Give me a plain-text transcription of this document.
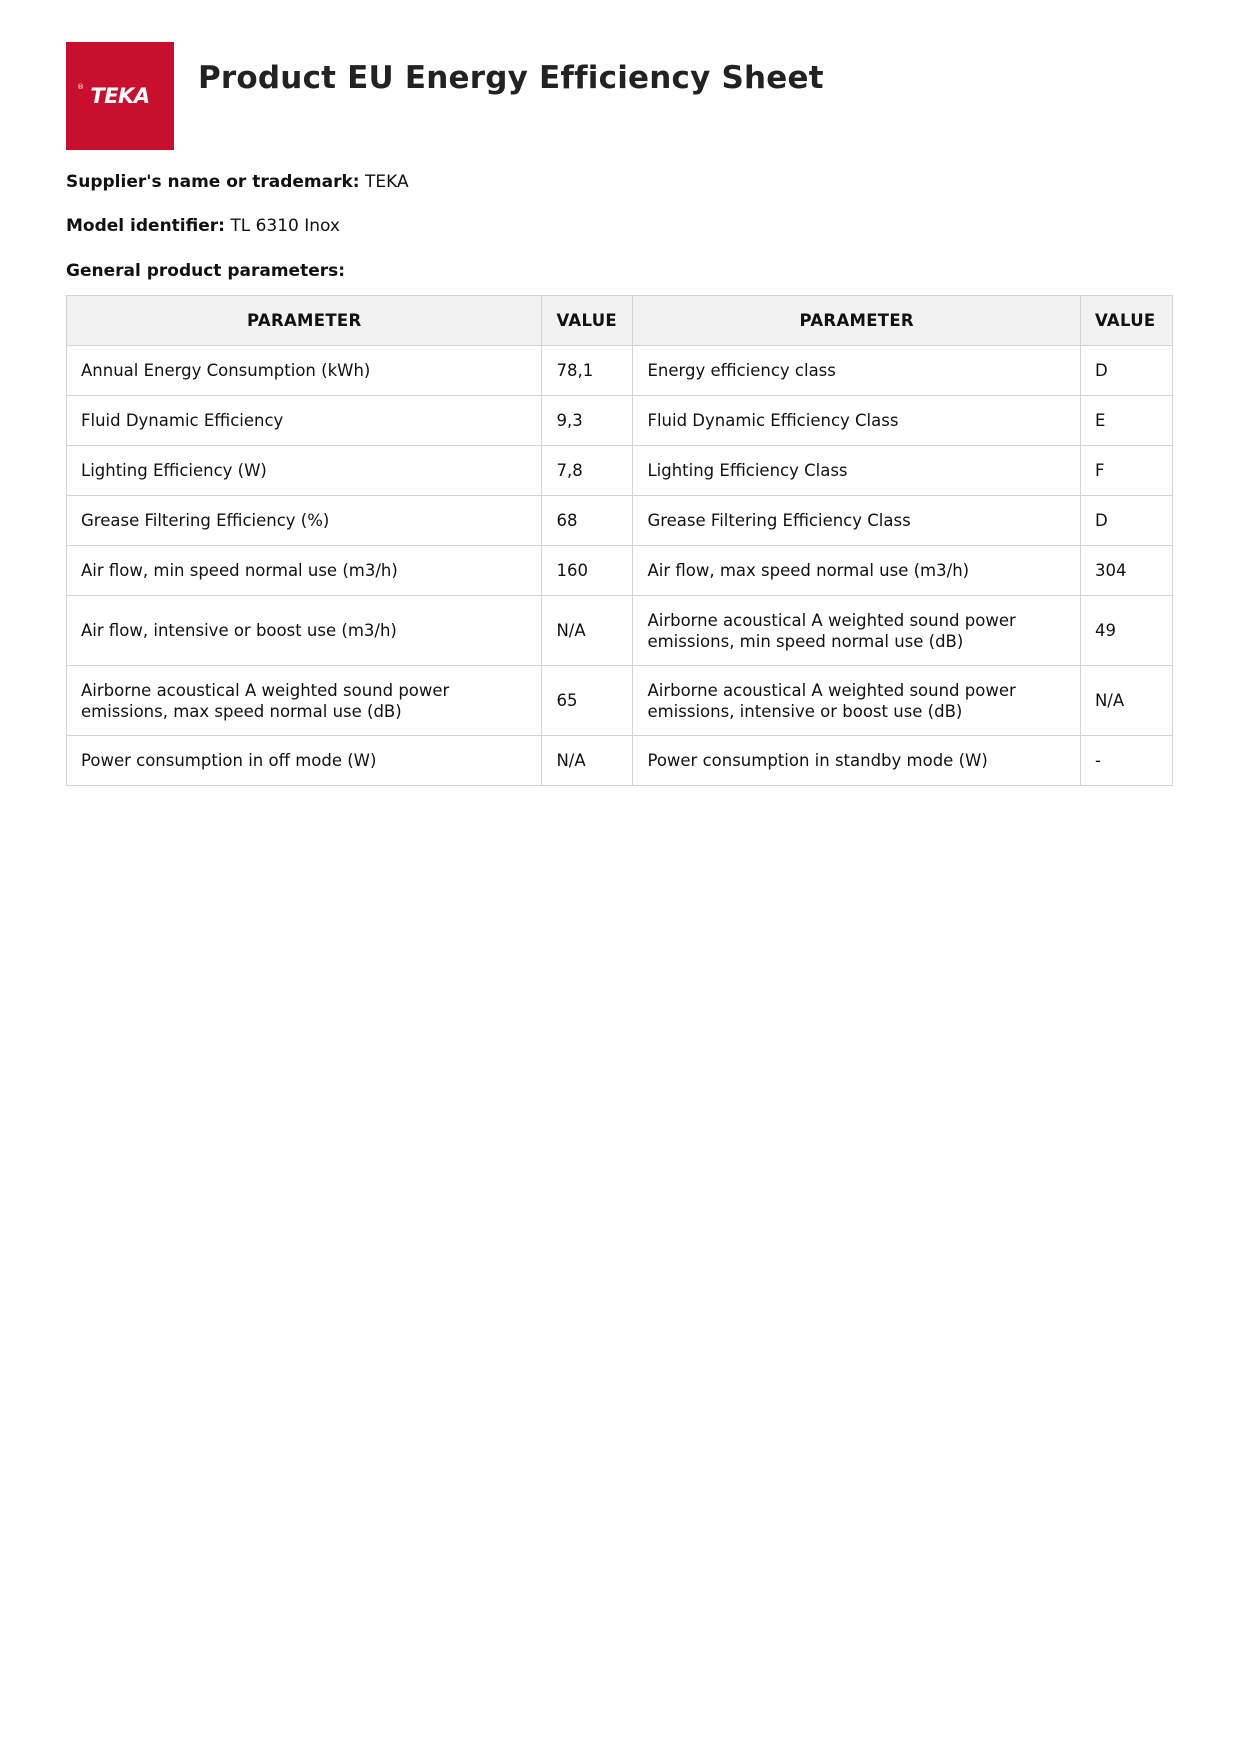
® TEKA Product EU Energy Efficiency Sheet
Supplier's name or trademark: TEKA
Model identifier: TL 6310 Inox
General product parameters:
PARAMETER	VALUE	PARAMETER	VALUE
Annual Energy Consumption (kWh)	78,1	Energy efficiency class	D
Fluid Dynamic Efficiency	9,3	Fluid Dynamic Efficiency Class	E
Lighting Efficiency (W)	7,8	Lighting Efficiency Class	F
Grease Filtering Efficiency (%)	68	Grease Filtering Efficiency Class	D
Air flow, min speed normal use (m3/h)	160	Air flow, max speed normal use (m3/h)	304
Air flow, intensive or boost use (m3/h)	N/A	Airborne acoustical A weighted sound power emissions, min speed normal use (dB)	49
Airborne acoustical A weighted sound power emissions, max speed normal use (dB)	65	Airborne acoustical A weighted sound power emissions, intensive or boost use (dB)	N/A
Power consumption in off mode (W)	N/A	Power consumption in standby mode (W)	-
